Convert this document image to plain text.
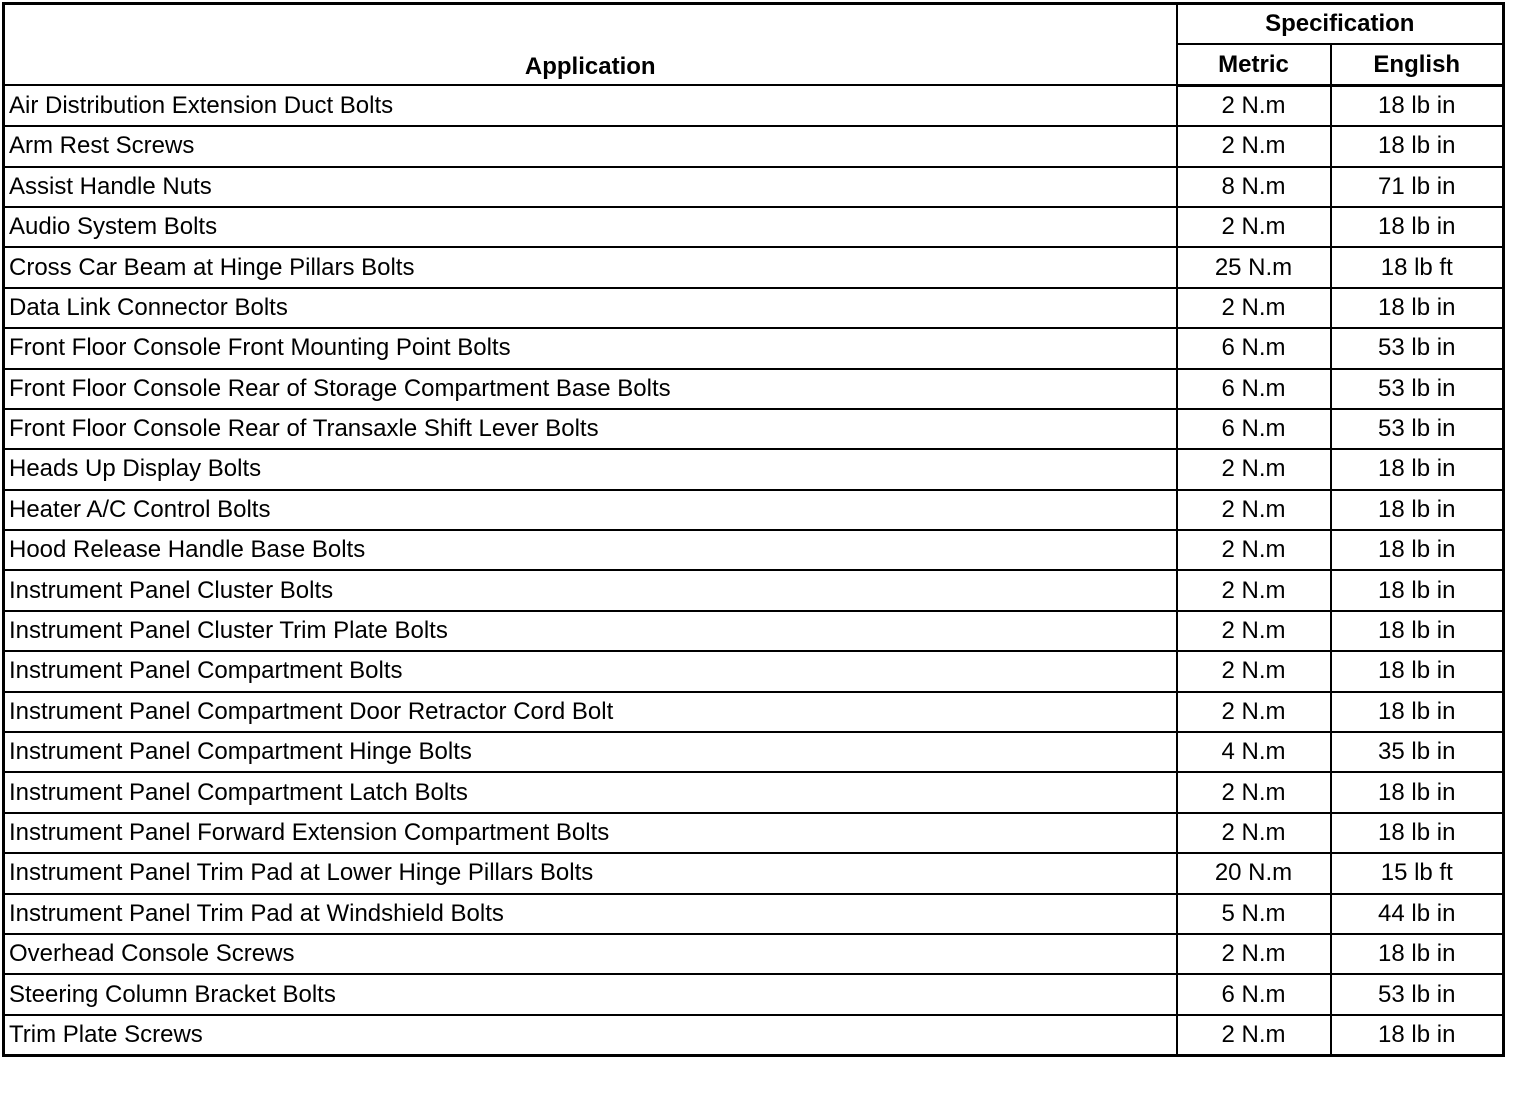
Application	Specification	
	Metric	English
Air Distribution Extension Duct Bolts	2 N.m	18 lb in
Arm Rest Screws	2 N.m	18 lb in
Assist Handle Nuts	8 N.m	71 lb in
Audio System Bolts	2 N.m	18 lb in
Cross Car Beam at Hinge Pillars Bolts	25 N.m	18 lb ft
Data Link Connector Bolts	2 N.m	18 lb in
Front Floor Console Front Mounting Point Bolts	6 N.m	53 lb in
Front Floor Console Rear of Storage Compartment Base Bolts	6 N.m	53 lb in
Front Floor Console Rear of Transaxle Shift Lever Bolts	6 N.m	53 lb in
Heads Up Display Bolts	2 N.m	18 lb in
Heater A/C Control Bolts	2 N.m	18 lb in
Hood Release Handle Base Bolts	2 N.m	18 lb in
Instrument Panel Cluster Bolts	2 N.m	18 lb in
Instrument Panel Cluster Trim Plate Bolts	2 N.m	18 lb in
Instrument Panel Compartment Bolts	2 N.m	18 lb in
Instrument Panel Compartment Door Retractor Cord Bolt	2 N.m	18 lb in
Instrument Panel Compartment Hinge Bolts	4 N.m	35 lb in
Instrument Panel Compartment Latch Bolts	2 N.m	18 lb in
Instrument Panel Forward Extension Compartment Bolts	2 N.m	18 lb in
Instrument Panel Trim Pad at Lower Hinge Pillars Bolts	20 N.m	15 lb ft
Instrument Panel Trim Pad at Windshield Bolts	5 N.m	44 lb in
Overhead Console Screws	2 N.m	18 lb in
Steering Column Bracket Bolts	6 N.m	53 lb in
Trim Plate Screws	2 N.m	18 lb in
